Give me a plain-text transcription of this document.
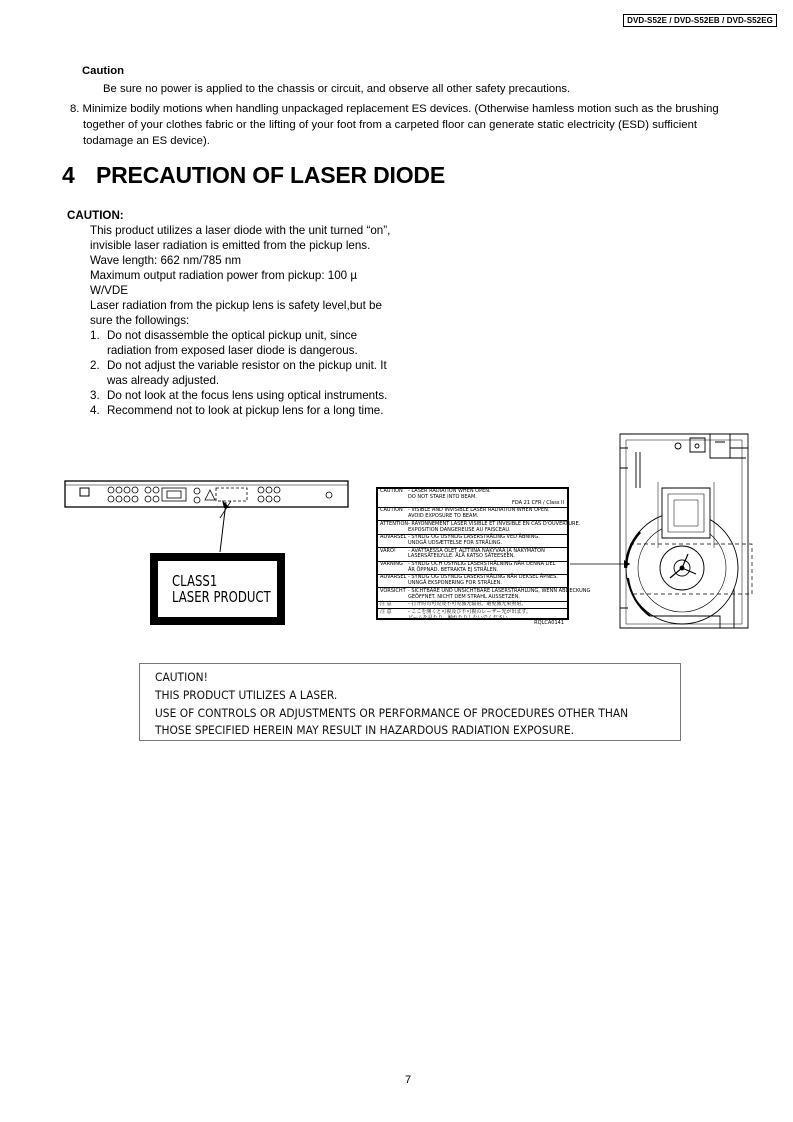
DVD-S52E / DVD-S52EB / DVD-S52EG
Caution
Be sure no power is applied to the chassis or circuit, and observe all other safety precautions.
8. Minimize bodily motions when handling unpackaged replacement ES devices. (Otherwise hamless motion such as the brushing
together of your clothes fabric or the lifting of your foot from a carpeted floor can generate static electricity (ESD) sufficient
todamage an ES device).
4 PRECAUTION OF LASER DIODE
CAUTION:
This product utilizes a laser diode with the unit turned “on”,
invisible laser radiation is emitted from the pickup lens.
Wave length: 662 nm/785 nm
Maximum output radiation power from pickup: 100 µ
W/VDE
Laser radiation from the pickup lens is safety level,but be
sure the followings:
1. Do not disassemble the optical pickup unit, since
radiation from exposed laser diode is dangerous.
2. Do not adjust the variable resistor on the pickup unit. It
was already adjusted.
3. Do not look at the focus lens using optical instruments.
4. Recommend not to look at pickup lens for a long time.
CLASS1
LASER PRODUCT
CAUTION	- LASER RADIATION WHEN OPEN.
DO NOT STARE INTO BEAM.
FDA 21 CFR / Class II
CAUTION	- VISIBLE AND INVISIBLE LASER RADIATION WHEN OPEN.
AVOID EXPOSURE TO BEAM.
ATTENTION - RAYONNEMENT LASER VISIBLE ET INVISIBLE EN CAS D'OUVERTURE.
EXPOSITION DANGEREUSE AU FAISCEAU.
ADVARSEL - SYNLIG OG USYNLIG LASERSTRÅLING VED ÅBNING.
UNDGÅ UDSÆTTELSE FOR STRÅLING.
VARO!	- AVATTAESSA OLET ALTTIINA NÄKYVÄÄ JA NÄKYMÄTÖN
LASERSÄTEILYLLE. ÄLÄ KATSO SÄTEESEEN.
VARNING	- SYNLIG OCH OSYNLIG LASERSTRÅLNING NÄR DENNA DEL
ÄR ÖPPNAD. BETRAKTA EJ STRÅLEN.
ADVARSEL - SYNLIG OG USYNLIG LASERSTRÅLING NÅR DEKSEL ÅPNES.
UNNGÅ EKSPONERING FOR STRÅLEN.
VORSICHT - SICHTBARE UND UNSICHTBARE LASERSTRAHLUNG, WENN ABDECKUNG
GEÖFFNET. NICHT DEM STRAHL AUSSETZEN.
注 意	- 打开时有可见及不可见激光辐射。避免激光束照射。
注 意	- ここを開くと可視及び不可視のレーザー光が出ます。
ビームを見たり、触れたりしないでください。
RQLCA0141
CAUTION!
THIS PRODUCT UTILIZES A LASER.
USE OF CONTROLS OR ADJUSTMENTS OR PERFORMANCE OF PROCEDURES OTHER THAN
THOSE SPECIFIED HEREIN MAY RESULT IN HAZARDOUS RADIATION EXPOSURE.
7
